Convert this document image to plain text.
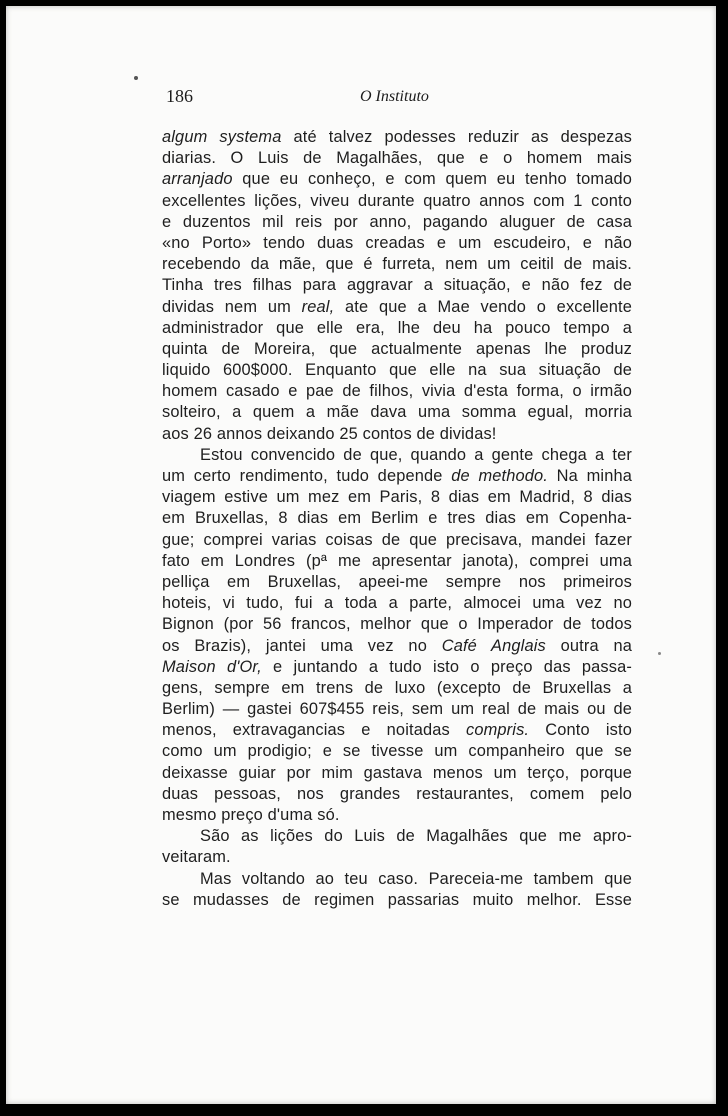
186	O Instituto
algum systema até talvez podesses reduzir as despezas
diarias. O Luis de Magalhães, que e o homem mais
arranjado que eu conheço, e com quem eu tenho tomado
excellentes lições, viveu durante quatro annos com 1 conto
e duzentos mil reis por anno, pagando aluguer de casa
«no Porto» tendo duas creadas e um escudeiro, e não
recebendo da mãe, que é furreta, nem um ceitil de mais.
Tinha tres filhas para aggravar a situação, e não fez de
dividas nem um real, ate que a Mae vendo o excellente
administrador que elle era, lhe deu ha pouco tempo a
quinta de Moreira, que actualmente apenas lhe produz
liquido 600$000. Enquanto que elle na sua situação de
homem casado e pae de filhos, vivia d'esta forma, o irmão
solteiro, a quem a mãe dava uma somma egual, morria
aos 26 annos deixando 25 contos de dividas!
Estou convencido de que, quando a gente chega a ter
um certo rendimento, tudo depende de methodo. Na minha
viagem estive um mez em Paris, 8 dias em Madrid, 8 dias
em Bruxellas, 8 dias em Berlim e tres dias em Copenha-
gue; comprei varias coisas de que precisava, mandei fazer
fato em Londres (pª me apresentar janota), comprei uma
pelliça em Bruxellas, apeei-me sempre nos primeiros
hoteis, vi tudo, fui a toda a parte, almocei uma vez no
Bignon (por 56 francos, melhor que o Imperador de todos
os Brazis), jantei uma vez no Café Anglais outra na
Maison d'Or, e juntando a tudo isto o preço das passa-
gens, sempre em trens de luxo (excepto de Bruxellas a
Berlim) — gastei 607$455 reis, sem um real de mais ou de
menos, extravagancias e noitadas compris. Conto isto
como um prodigio; e se tivesse um companheiro que se
deixasse guiar por mim gastava menos um terço, porque
duas pessoas, nos grandes restaurantes, comem pelo
mesmo preço d'uma só.
São as lições do Luis de Magalhães que me apro-
veitaram.
Mas voltando ao teu caso. Pareceia-me tambem que
se mudasses de regimen passarias muito melhor. Esse
